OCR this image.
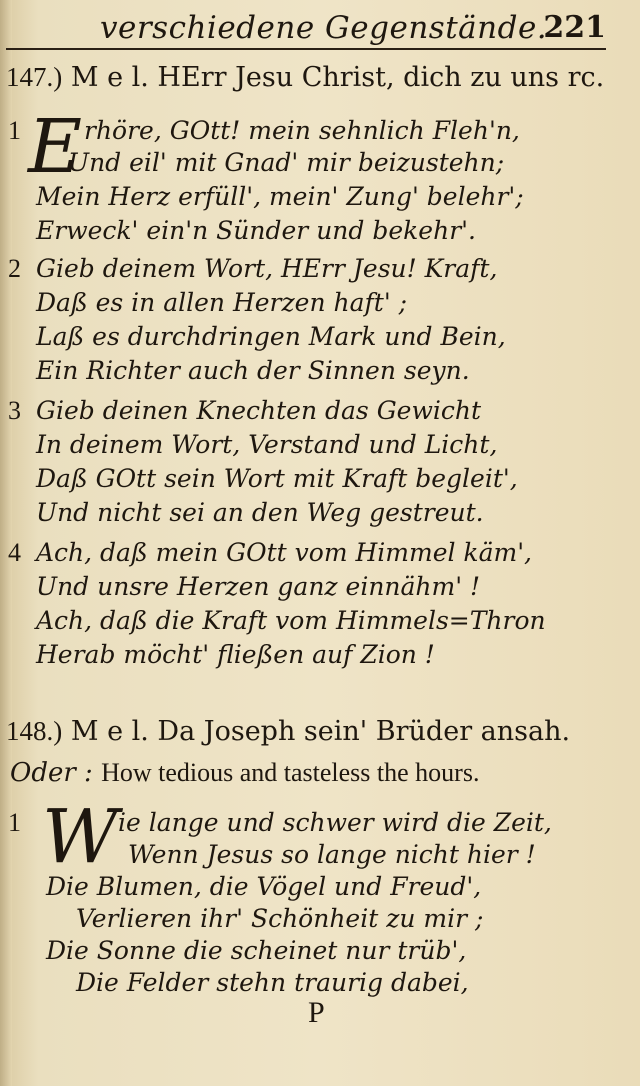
verschiedene Gegenstände.
221
147.) M e l. HErr Jesu Christ, dich zu uns rc.
1 E rhöre, GOtt! mein sehnlich Fleh'n,
Und eil' mit Gnad' mir beizustehn;
Mein Herz erfüll', mein' Zung' belehr';
Erweck' ein'n Sünder und bekehr'.
2 Gieb deinem Wort, HErr Jesu! Kraft,
Daß es in allen Herzen haft' ;
Laß es durchdringen Mark und Bein,
Ein Richter auch der Sinnen seyn.
3 Gieb deinen Knechten das Gewicht
In deinem Wort, Verstand und Licht,
Daß GOtt sein Wort mit Kraft begleit',
Und nicht sei an den Weg gestreut.
4 Ach, daß mein GOtt vom Himmel käm',
Und unsre Herzen ganz einnähm' !
Ach, daß die Kraft vom Himmels=Thron
Herab möcht' fließen auf Zion !
148.) M e l. Da Joseph sein' Brüder ansah.
Oder : How tedious and tasteless the hours.
1 W ie lange und schwer wird die Zeit,
Wenn Jesus so lange nicht hier !
Die Blumen, die Vögel und Freud',
Verlieren ihr' Schönheit zu mir ;
Die Sonne die scheinet nur trüb',
Die Felder stehn traurig dabei,
P
